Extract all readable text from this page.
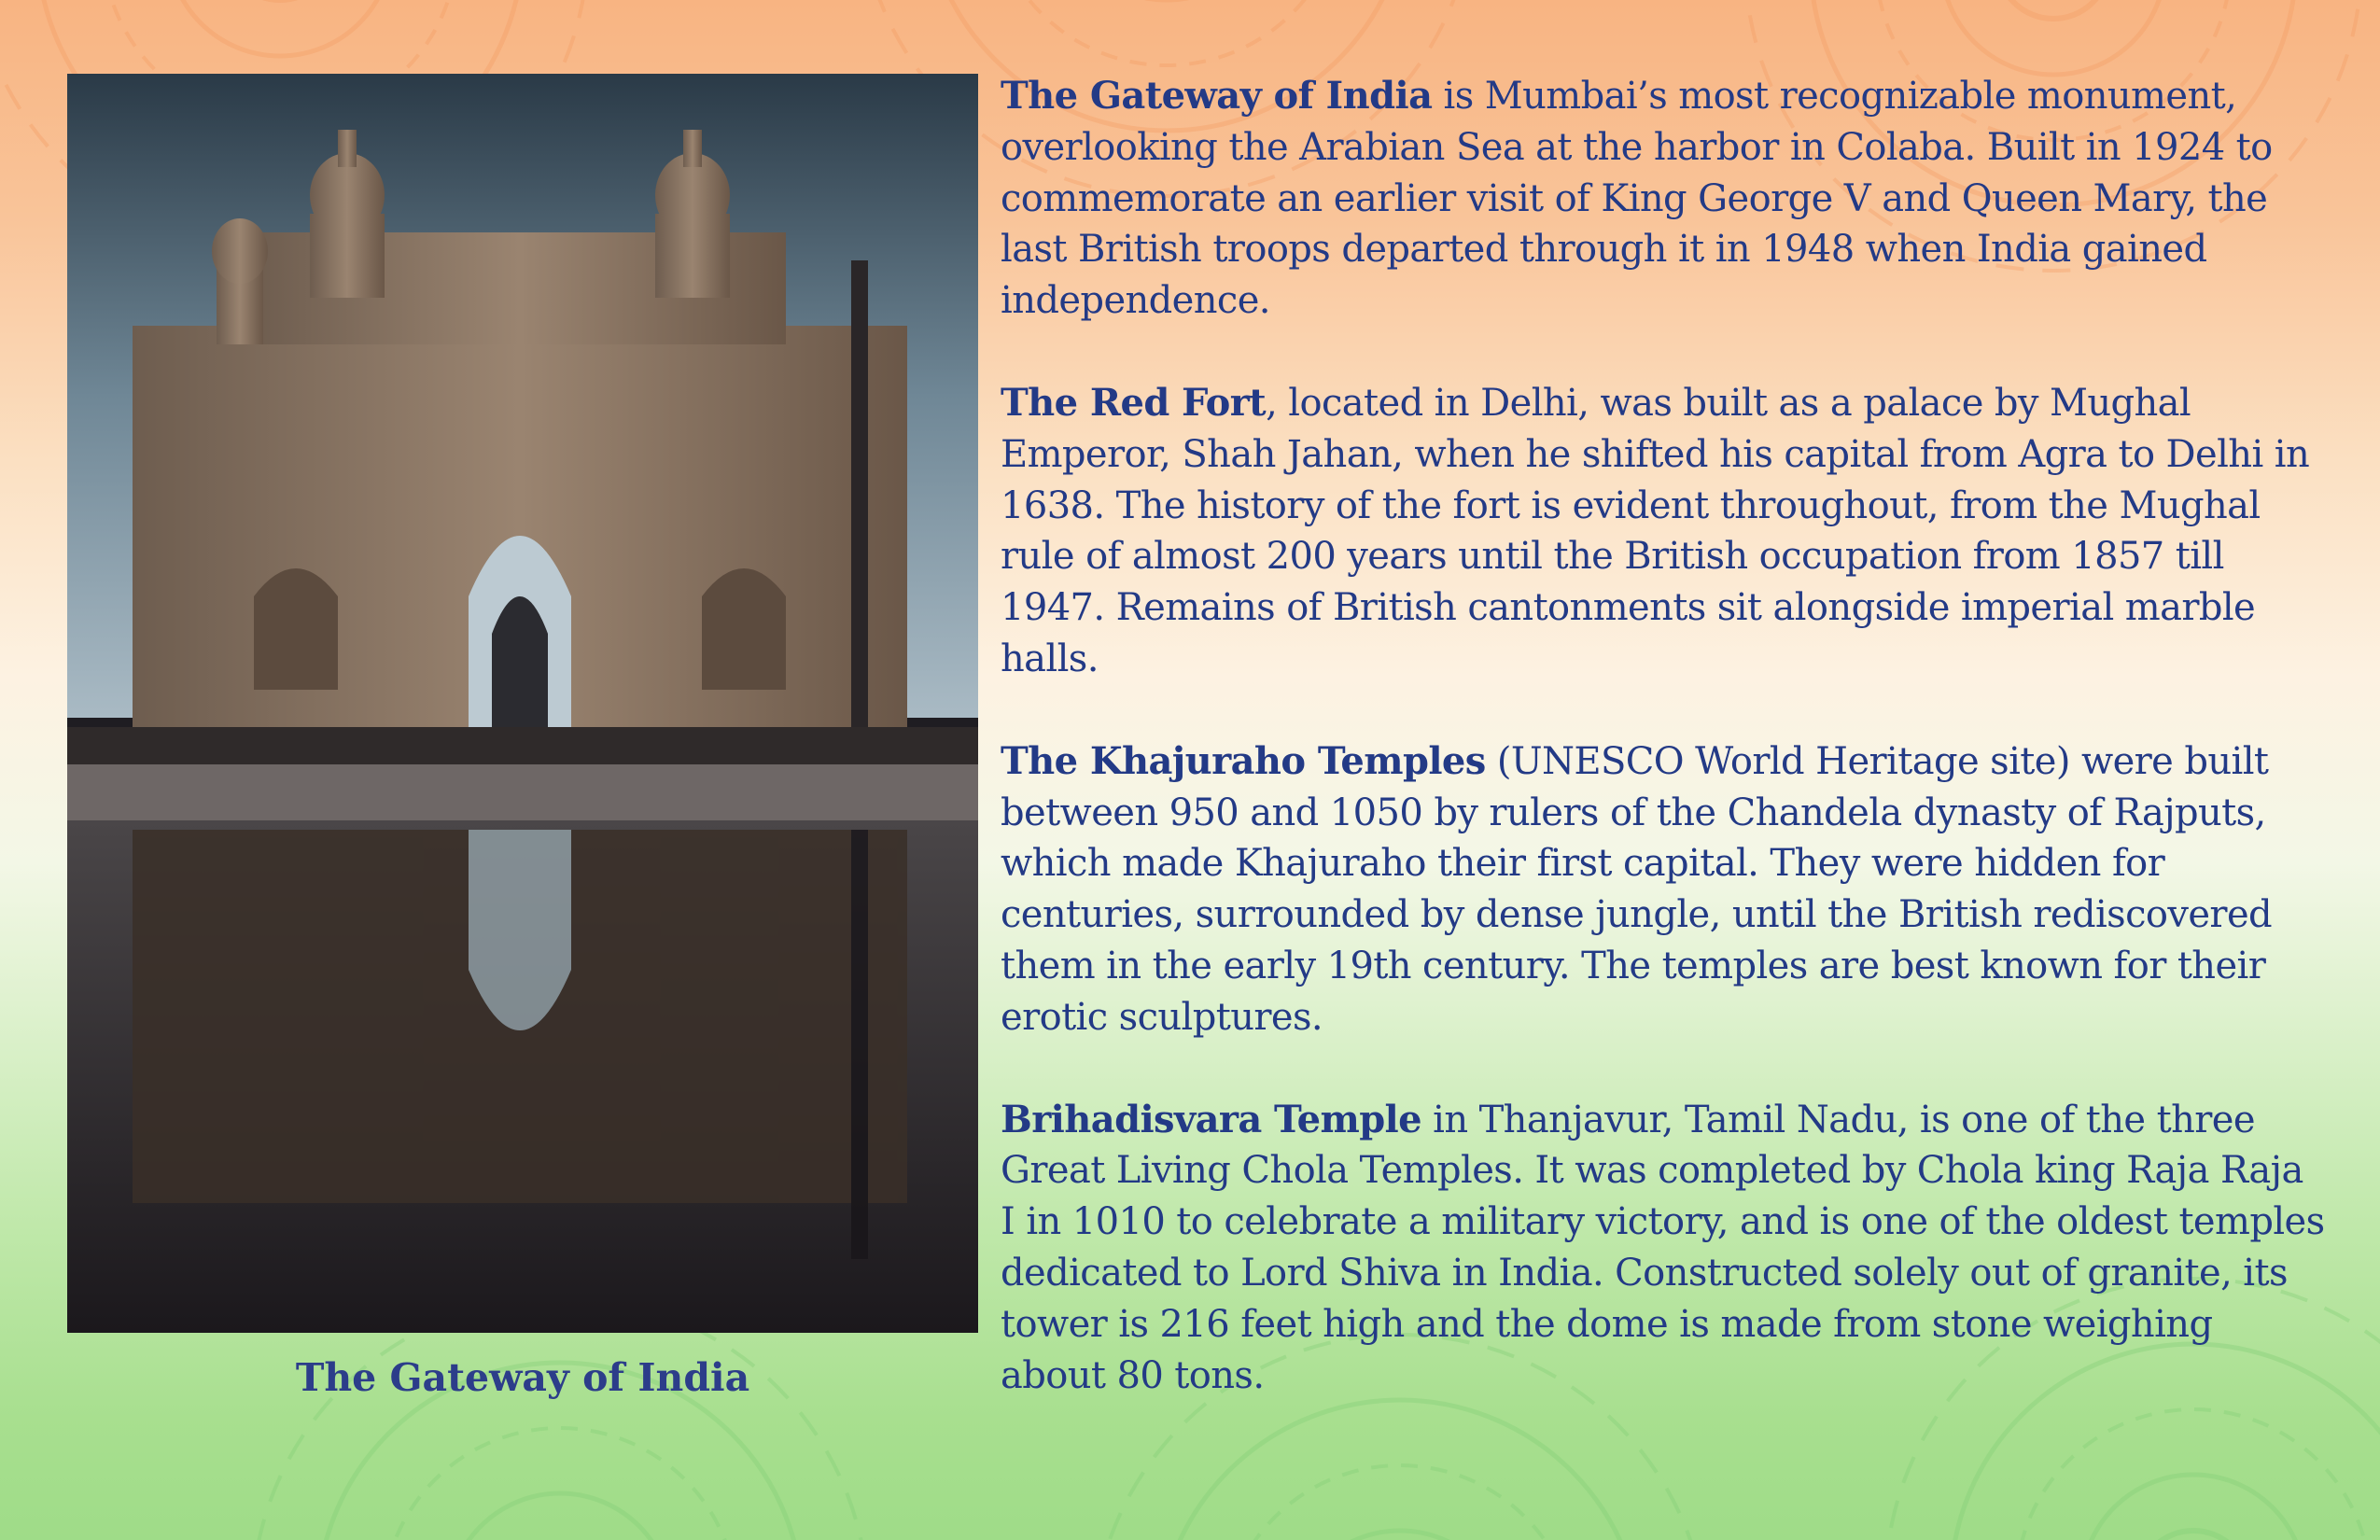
The Gateway of India

The Gateway of India is Mumbai’s most recognizable monument, overlooking the Arabian Sea at the harbor in Colaba. Built in 1924 to commemorate an earlier visit of King George V and Queen Mary, the last British troops departed through it in 1948 when India gained independence.

The Red Fort, located in Delhi, was built as a palace by Mughal Emperor, Shah Jahan, when he shifted his capital from Agra to Delhi in 1638. The history of the fort is evident throughout, from the Mughal rule of almost 200 years until the British occupation from 1857 till 1947. Remains of British cantonments sit alongside imperial marble halls.

The Khajuraho Temples (UNESCO World Heritage site) were built between 950 and 1050 by rulers of the Chandela dynasty of Rajputs, which made Khajuraho their first capital. They were hidden for centuries, surrounded by dense jungle, until the British rediscovered them in the early 19th century. The temples are best known for their erotic sculptures.

Brihadisvara Temple in Thanjavur, Tamil Nadu, is one of the three Great Living Chola Temples. It was completed by Chola king Raja Raja I in 1010 to celebrate a military victory, and is one of the oldest temples dedicated to Lord Shiva in India. Constructed solely out of granite, its tower is 216 feet high and the dome is made from stone weighing about 80 tons.
